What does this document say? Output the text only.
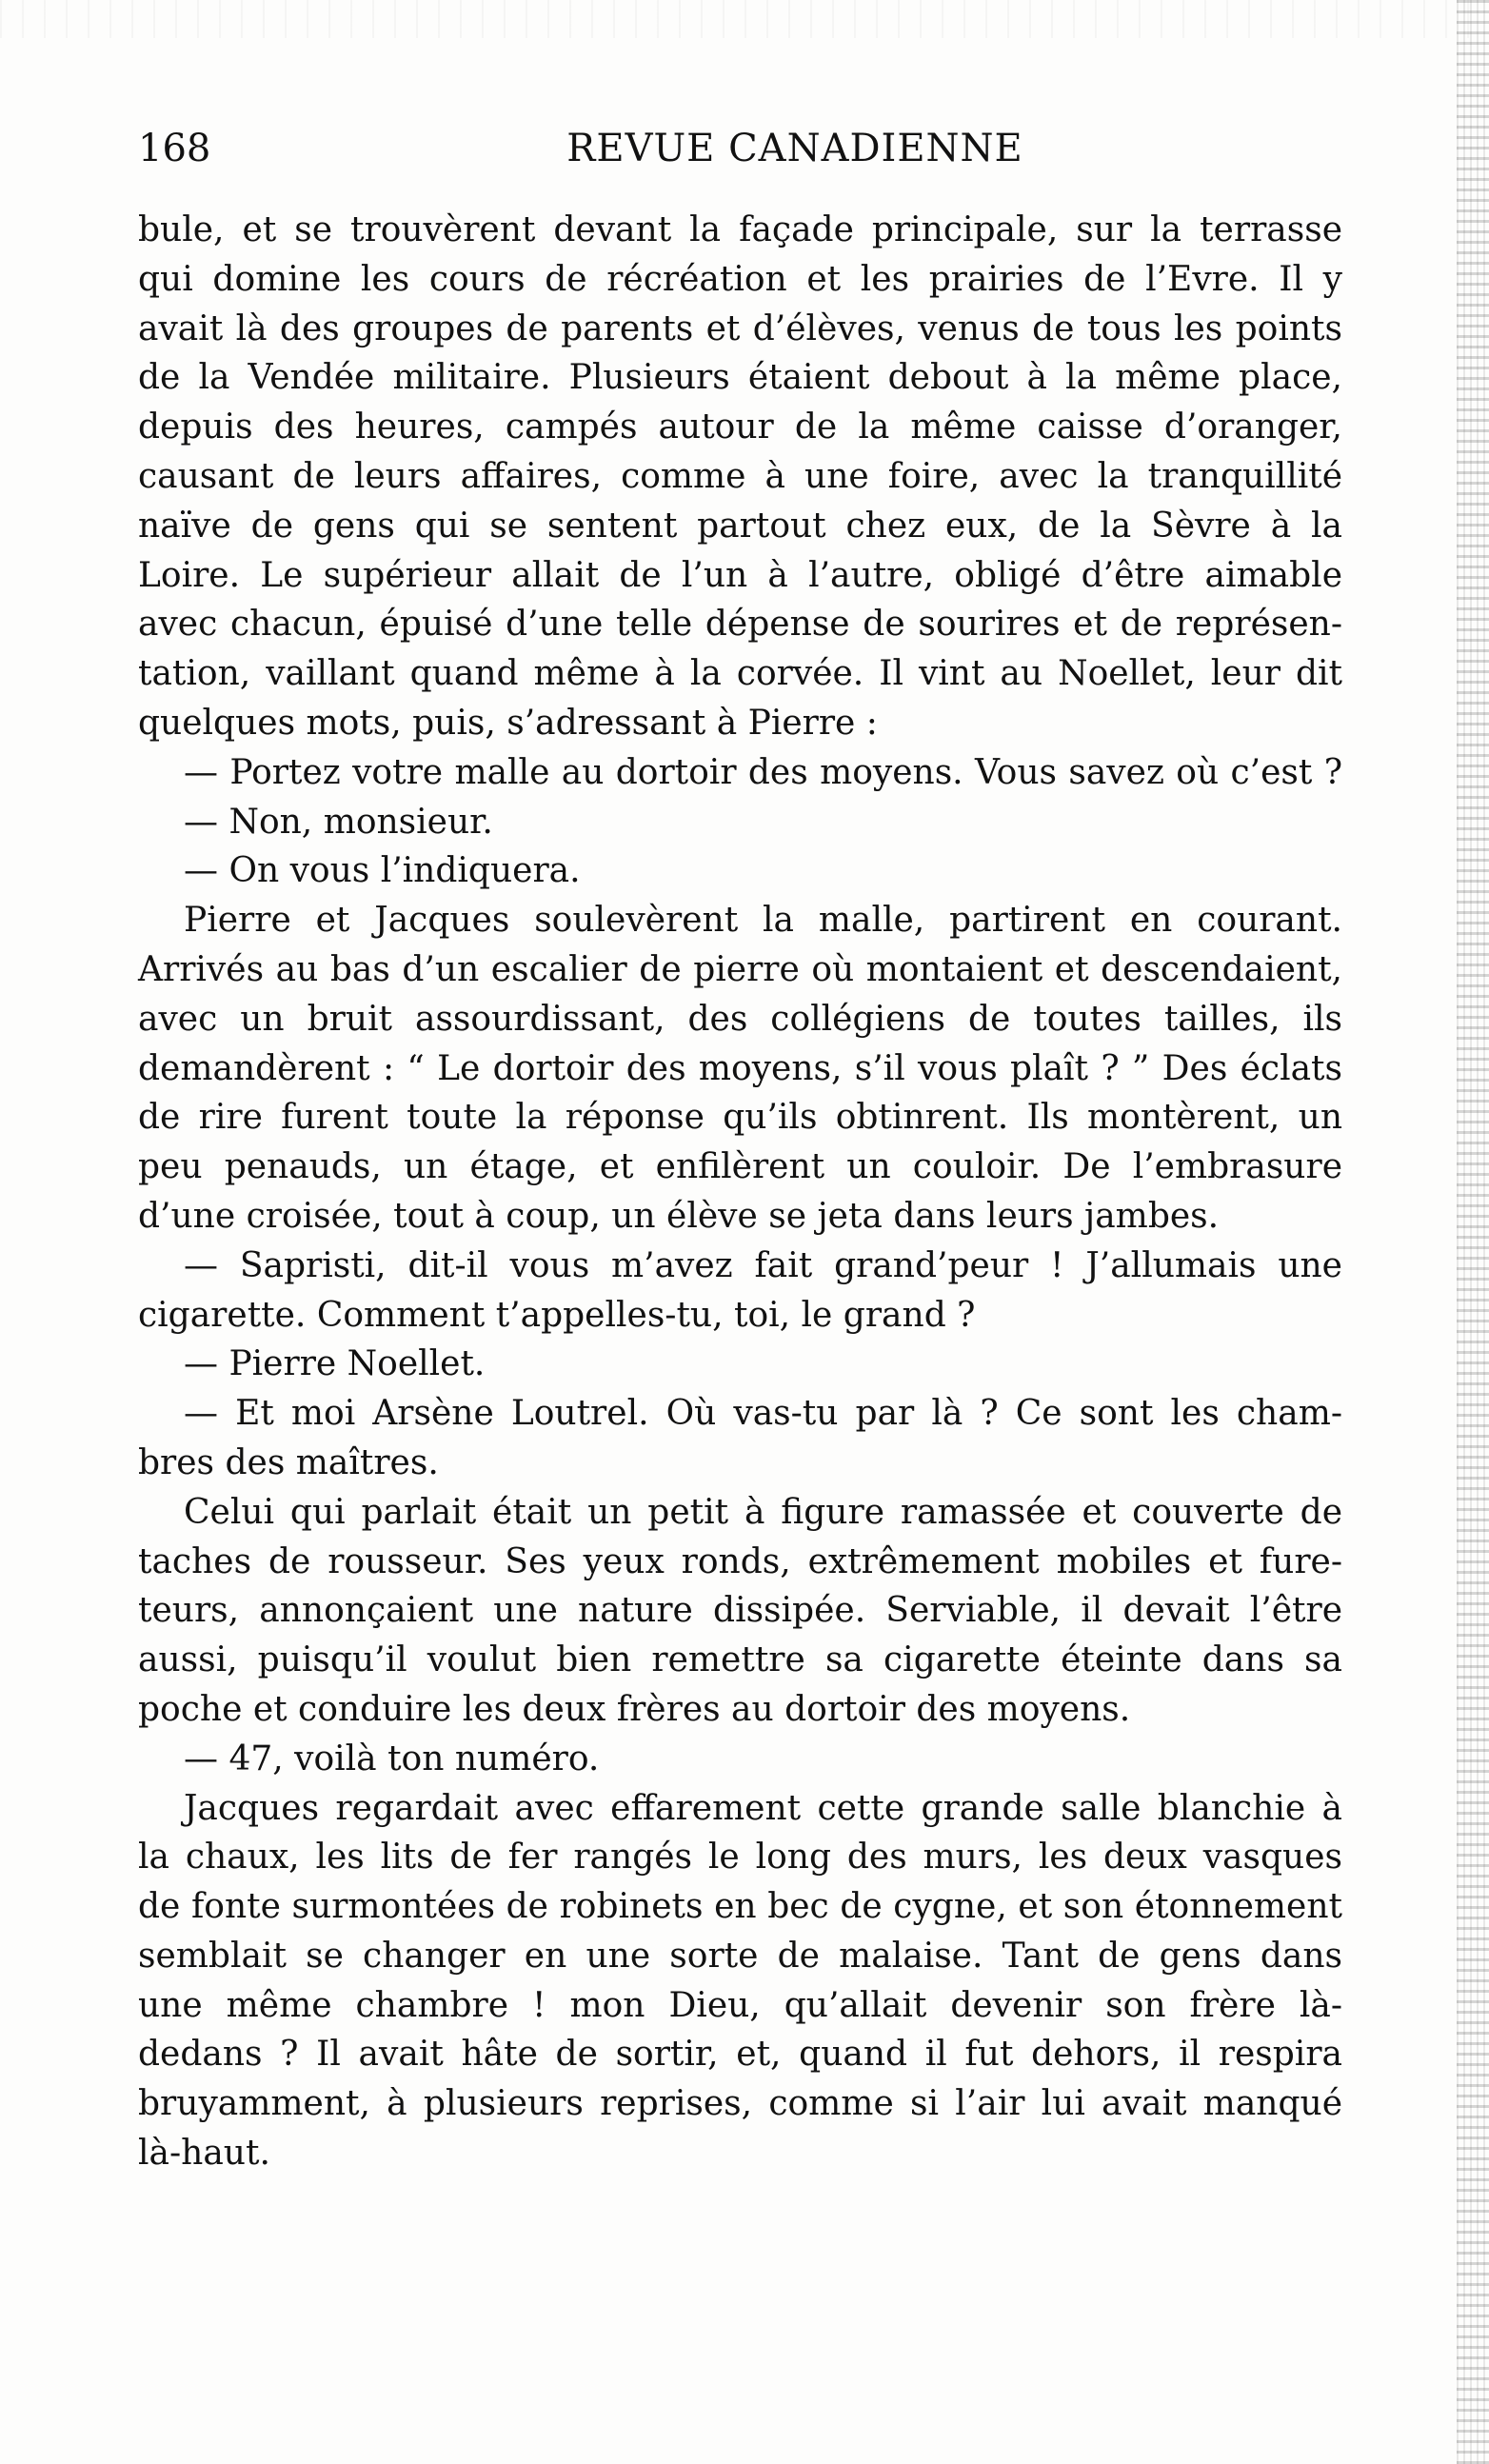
168	REVUE CANADIENNE

bule, et se trouvèrent devant la façade principale, sur la terrasse

qui domine les cours de récréation et les prairies de l’Evre. Il y

avait là des groupes de parents et d’élèves, venus de tous les points

de la Vendée militaire. Plusieurs étaient debout à la même place,

depuis des heures, campés autour de la même caisse d’oranger,

causant de leurs affaires, comme à une foire, avec la tranquillité

naïve de gens qui se sentent partout chez eux, de la Sèvre à la

Loire. Le supérieur allait de l’un à l’autre, obligé d’être aimable

avec chacun, épuisé d’une telle dépense de sourires et de représen-

tation, vaillant quand même à la corvée. Il vint au Noellet, leur dit

quelques mots, puis, s’adressant à Pierre :

— Portez votre malle au dortoir des moyens. Vous savez où c’est ?

— Non, monsieur.

— On vous l’indiquera.

Pierre et Jacques soulevèrent la malle, partirent en courant.

Arrivés au bas d’un escalier de pierre où montaient et descendaient,

avec un bruit assourdissant, des collégiens de toutes tailles, ils

demandèrent : “ Le dortoir des moyens, s’il vous plaît ? ” Des éclats

de rire furent toute la réponse qu’ils obtinrent. Ils montèrent, un

peu penauds, un étage, et enfilèrent un couloir. De l’embrasure

d’une croisée, tout à coup, un élève se jeta dans leurs jambes.

— Sapristi, dit-il vous m’avez fait grand’peur ! J’allumais une

cigarette. Comment t’appelles-tu, toi, le grand ?

— Pierre Noellet.

— Et moi Arsène Loutrel. Où vas-tu par là ? Ce sont les cham-

bres des maîtres.

Celui qui parlait était un petit à figure ramassée et couverte de

taches de rousseur. Ses yeux ronds, extrêmement mobiles et fure-

teurs, annonçaient une nature dissipée. Serviable, il devait l’être

aussi, puisqu’il voulut bien remettre sa cigarette éteinte dans sa

poche et conduire les deux frères au dortoir des moyens.

— 47, voilà ton numéro.

Jacques regardait avec effarement cette grande salle blanchie à

la chaux, les lits de fer rangés le long des murs, les deux vasques

de fonte surmontées de robinets en bec de cygne, et son étonnement

semblait se changer en une sorte de malaise. Tant de gens dans

une même chambre ! mon Dieu, qu’allait devenir son frère là-

dedans ? Il avait hâte de sortir, et, quand il fut dehors, il respira

bruyamment, à plusieurs reprises, comme si l’air lui avait manqué

là-haut.
